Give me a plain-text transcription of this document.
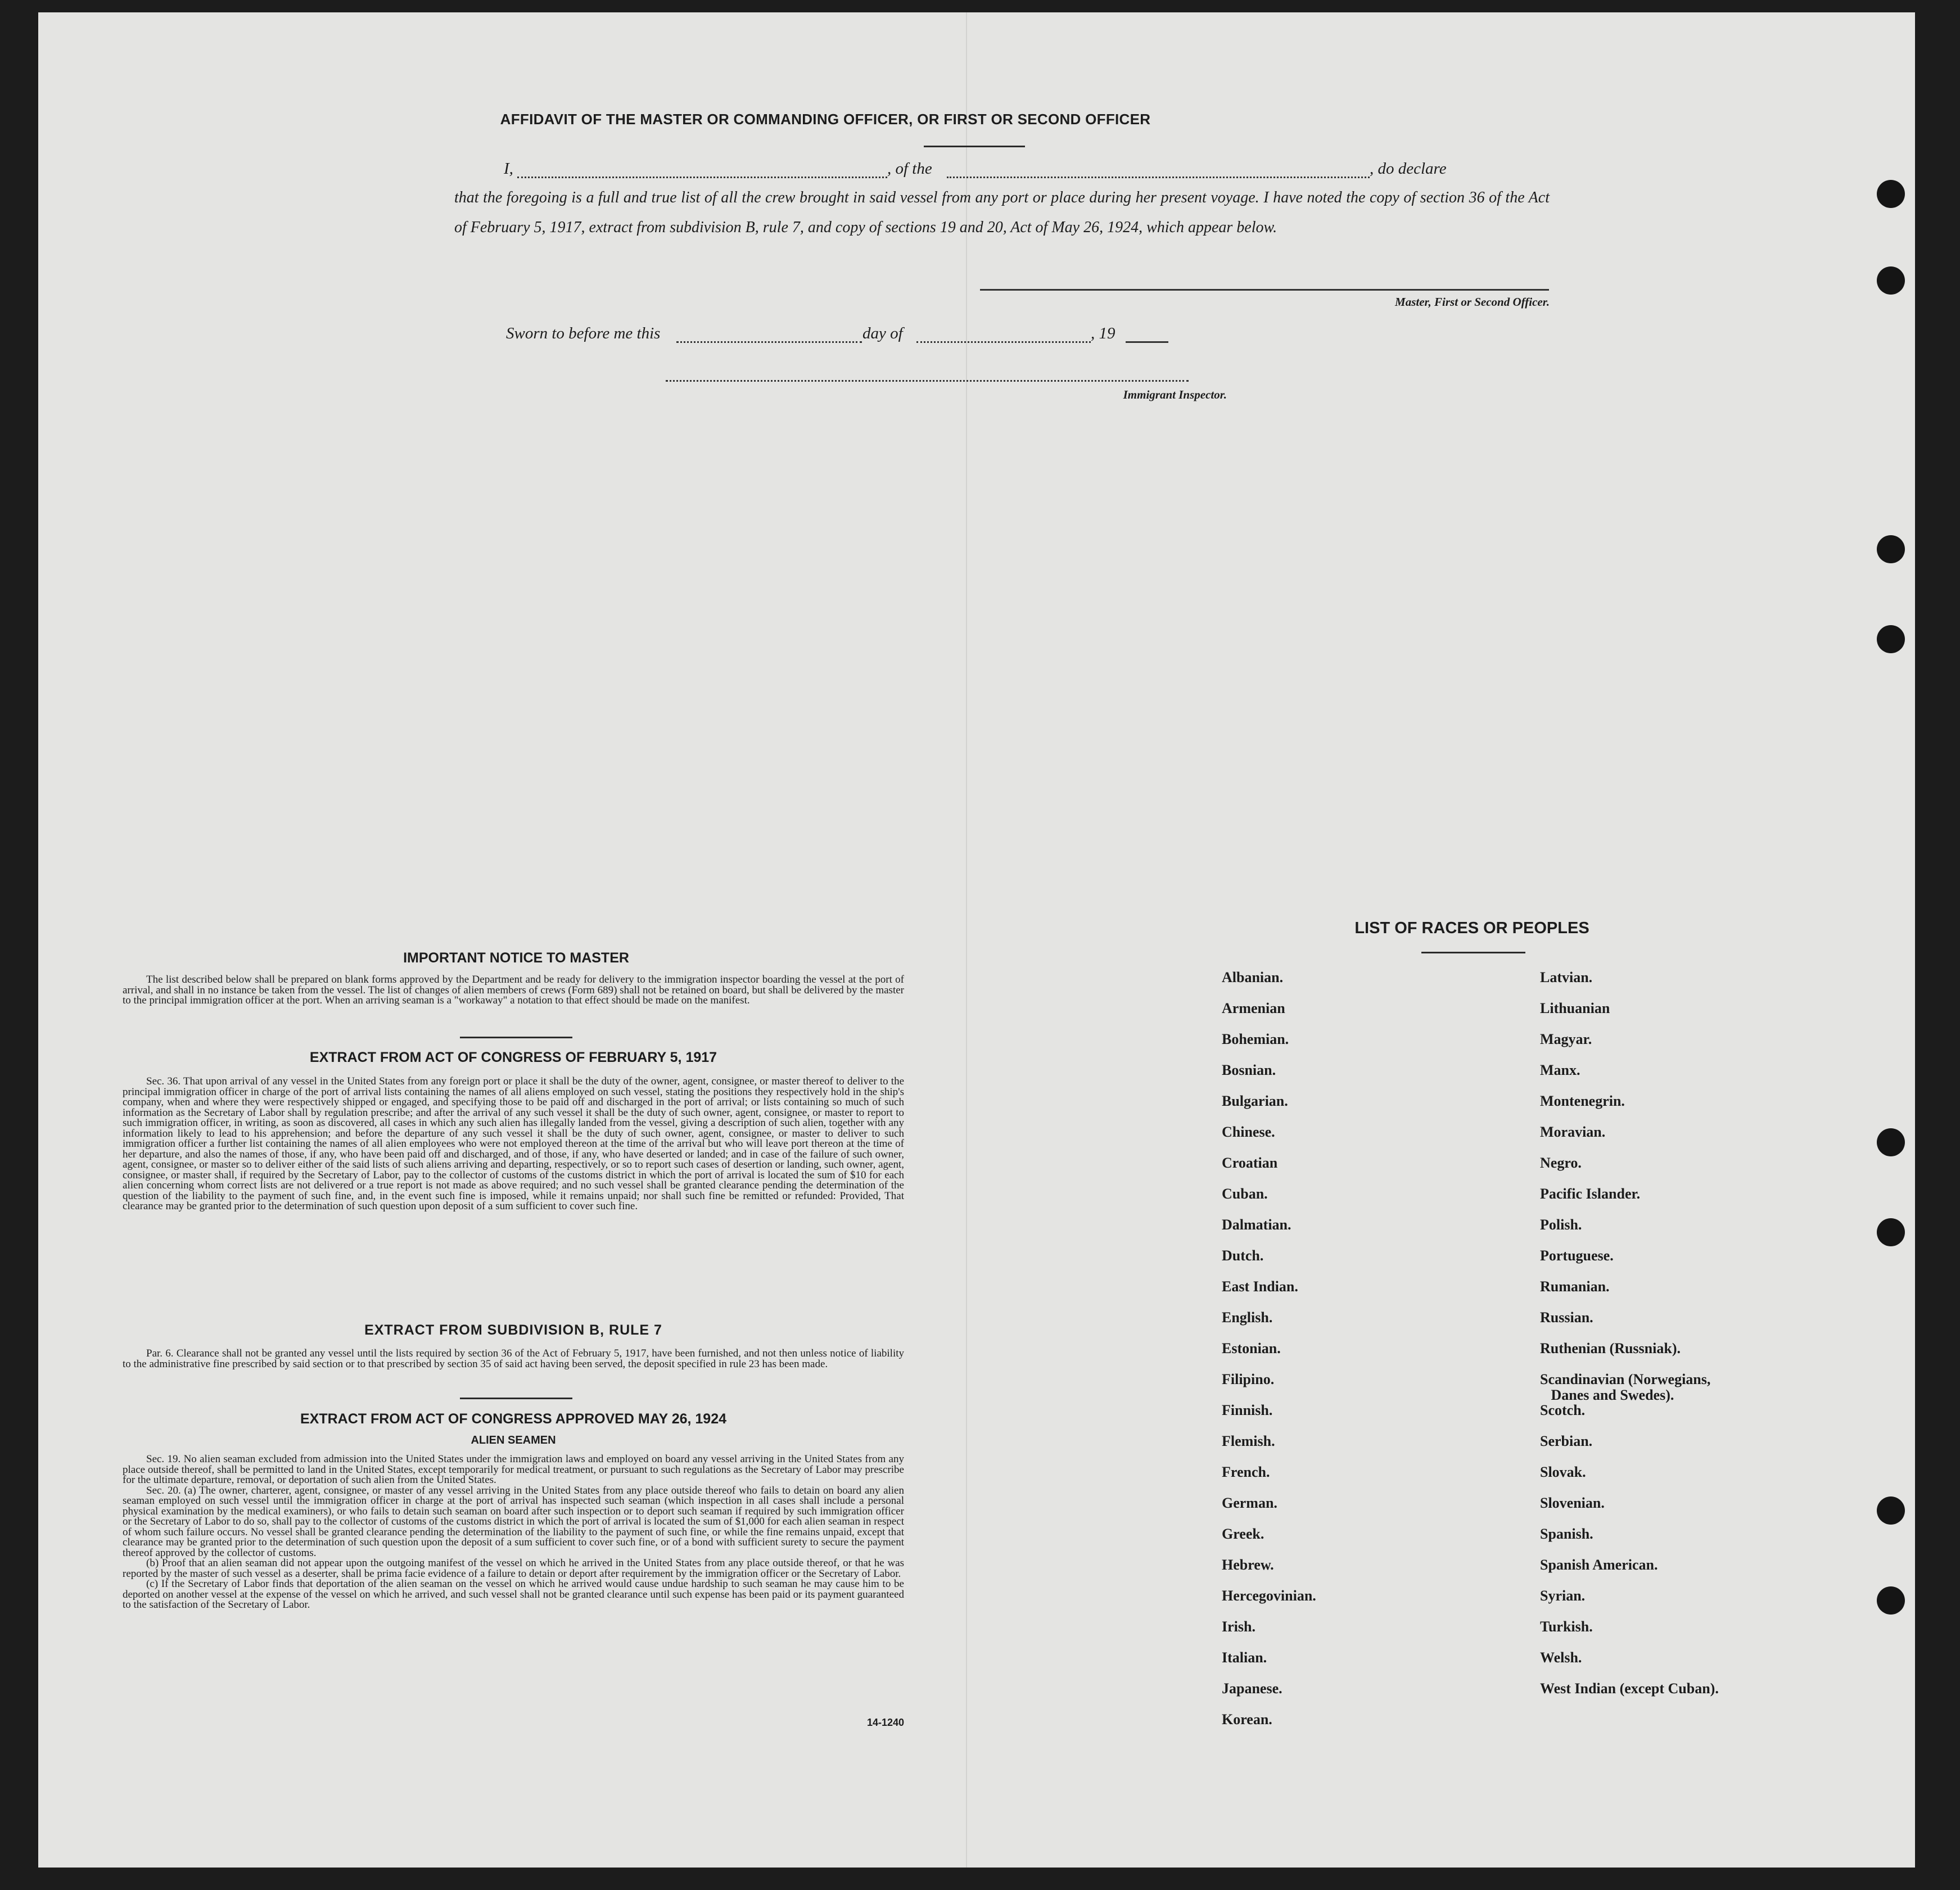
AFFIDAVIT OF THE MASTER OR COMMANDING OFFICER, OR FIRST OR SECOND OFFICER
I,	, of the	, do declare
that the foregoing is a full and true list of all the crew brought in said vessel from any port or place during her present voyage. I have noted the copy of section 36 of the Act of February 5, 1917, extract from subdivision B, rule 7, and copy of sections 19 and 20, Act of May 26, 1924, which appear below.
Master, First or Second Officer.
Sworn to before me this	day of	, 19
Immigrant Inspector.
IMPORTANT NOTICE TO MASTER

The list described below shall be prepared on blank forms approved by the Department and be ready for delivery to the immigration inspector boarding the vessel at the port of arrival, and shall in no instance be taken from the vessel. The list of changes of alien members of crews (Form 689) shall not be retained on board, but shall be delivered by the master to the principal immigration officer at the port. When an arriving seaman is a "workaway" a notation to that effect should be made on the manifest.

EXTRACT FROM ACT OF CONGRESS OF FEBRUARY 5, 1917

Sec. 36. That upon arrival of any vessel in the United States from any foreign port or place it shall be the duty of the owner, agent, consignee, or master thereof to deliver to the principal immigration officer in charge of the port of arrival lists containing the names of all aliens employed on such vessel, stating the positions they respectively hold in the ship's company, when and where they were respectively shipped or engaged, and specifying those to be paid off and discharged in the port of arrival; or lists containing so much of such information as the Secretary of Labor shall by regulation prescribe; and after the arrival of any such vessel it shall be the duty of such owner, agent, consignee, or master to report to such immigration officer, in writing, as soon as discovered, all cases in which any such alien has illegally landed from the vessel, giving a description of such alien, together with any information likely to lead to his apprehension; and before the departure of any such vessel it shall be the duty of such owner, agent, consignee, or master to deliver to such immigration officer a further list containing the names of all alien employees who were not employed thereon at the time of the arrival but who will leave port thereon at the time of her departure, and also the names of those, if any, who have been paid off and discharged, and of those, if any, who have deserted or landed; and in case of the failure of such owner, agent, consignee, or master so to deliver either of the said lists of such aliens arriving and departing, respectively, or so to report such cases of desertion or landing, such owner, agent, consignee, or master shall, if required by the Secretary of Labor, pay to the collector of customs of the customs district in which the port of arrival is located the sum of $10 for each alien concerning whom correct lists are not delivered or a true report is not made as above required; and no such vessel shall be granted clearance pending the determination of the question of the liability to the payment of such fine, and, in the event such fine is imposed, while it remains unpaid; nor shall such fine be remitted or refunded: Provided, That clearance may be granted prior to the determination of such question upon deposit of a sum sufficient to cover such fine.

EXTRACT FROM SUBDIVISION B, RULE 7

Par. 6. Clearance shall not be granted any vessel until the lists required by section 36 of the Act of February 5, 1917, have been furnished, and not then unless notice of liability to the administrative fine prescribed by said section or to that prescribed by section 35 of said act having been served, the deposit specified in rule 23 has been made.

EXTRACT FROM ACT OF CONGRESS APPROVED MAY 26, 1924
ALIEN SEAMEN

Sec. 19. No alien seaman excluded from admission into the United States under the immigration laws and employed on board any vessel arriving in the United States from any place outside thereof, shall be permitted to land in the United States, except temporarily for medical treatment, or pursuant to such regulations as the Secretary of Labor may prescribe for the ultimate departure, removal, or deportation of such alien from the United States.

Sec. 20. (a) The owner, charterer, agent, consignee, or master of any vessel arriving in the United States from any place outside thereof who fails to detain on board any alien seaman employed on such vessel until the immigration officer in charge at the port of arrival has inspected such seaman (which inspection in all cases shall include a personal physical examination by the medical examiners), or who fails to detain such seaman on board after such inspection or to deport such seaman if required by such immigration officer or the Secretary of Labor to do so, shall pay to the collector of customs of the customs district in which the port of arrival is located the sum of $1,000 for each alien seaman in respect of whom such failure occurs. No vessel shall be granted clearance pending the determination of the liability to the payment of such fine, or while the fine remains unpaid, except that clearance may be granted prior to the determination of such question upon the deposit of a sum sufficient to cover such fine, or of a bond with sufficient surety to secure the payment thereof approved by the collector of customs.

(b) Proof that an alien seaman did not appear upon the outgoing manifest of the vessel on which he arrived in the United States from any place outside thereof, or that he was reported by the master of such vessel as a deserter, shall be prima facie evidence of a failure to detain or deport after requirement by the immigration officer or the Secretary of Labor.

(c) If the Secretary of Labor finds that deportation of the alien seaman on the vessel on which he arrived would cause undue hardship to such seaman he may cause him to be deported on another vessel at the expense of the vessel on which he arrived, and such vessel shall not be granted clearance until such expense has been paid or its payment guaranteed to the satisfaction of the Secretary of Labor.

14-1240
LIST OF RACES OR PEOPLES
Albanian.
Armenian
Bohemian.
Bosnian.
Bulgarian.
Chinese.
Croatian
Cuban.
Dalmatian.
Dutch.
East Indian.
English.
Estonian.
Filipino.
Finnish.
Flemish.
French.
German.
Greek.
Hebrew.
Hercegovinian.
Irish.
Italian.
Japanese.
Korean.
Latvian.
Lithuanian
Magyar.
Manx.
Montenegrin.
Moravian.
Negro.
Pacific Islander.
Polish.
Portuguese.
Rumanian.
Russian.
Ruthenian (Russniak).
Scandinavian (Norwegians,
Danes and Swedes).
Scotch.
Serbian.
Slovak.
Slovenian.
Spanish.
Spanish American.
Syrian.
Turkish.
Welsh.
West Indian (except Cuban).
